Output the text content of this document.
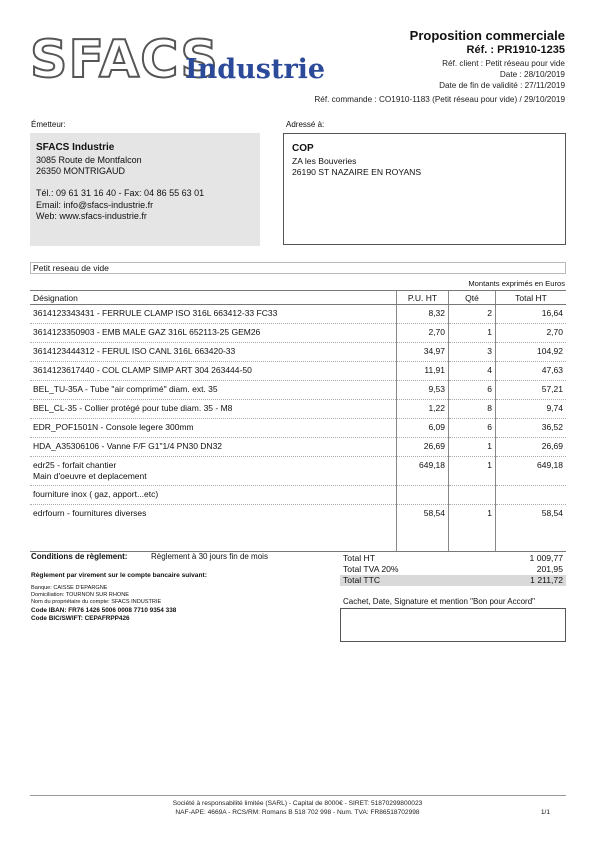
SFACS
Industrie
Proposition commerciale
Réf. : PR1910-1235
Réf. client : Petit réseau pour vide
Date : 28/10/2019
Date de fin de validité : 27/11/2019
Réf. commande : CO1910-1183 (Petit réseau pour vide) / 29/10/2019
Émetteur:
SFACS Industrie
3085 Route de Montfalcon
26350 MONTRIGAUD
Tél.: 09 61 31 16 40 - Fax: 04 86 55 63 01
Email: info@sfacs-industrie.fr
Web: www.sfacs-industrie.fr
Adressé à:
COP
ZA les Bouveries
26190 ST NAZAIRE EN ROYANS
Petit reseau de vide
Montants exprimés en Euros
Désignation	P.U. HT	Qté	Total HT
3614123343431 - FERRULE CLAMP ISO 316L 663412-33 FC33	8,32	2	16,64
3614123350903 - EMB MALE GAZ 316L 652113-25 GEM26	2,70	1	2,70
3614123444312 - FERUL ISO CANL 316L 663420-33	34,97	3	104,92
3614123617440 - COL CLAMP SIMP ART 304 263444-50	11,91	4	47,63
BEL_TU-35A - Tube "air comprimé" diam. ext. 35	9,53	6	57,21
BEL_CL-35 - Collier protégé pour tube diam. 35 - M8	1,22	8	9,74
EDR_POF1501N - Console legere 300mm	6,09	6	36,52
HDA_A35306106 - Vanne F/F G1"1/4 PN30 DN32	26,69	1	26,69
edr25 - forfait chantier
Main d'oeuvre et deplacement	649,18	1	649,18
fourniture inox ( gaz, apport...etc)			
edrfourn - fournitures diverses	58,54	1	58,54
Conditions de règlement:	Règlement à 30 jours fin de mois
Règlement par virement sur le compte bancaire suivant:
Banque: CAISSE D'EPARGNE
Domiciliation: TOURNON SUR RHONE
Nom du propriétaire du compte: SFACS INDUSTRIE
Code IBAN: FR76 1426 5006 0008 7710 9354 338
Code BIC/SWIFT: CEPAFRPP426
Total HT	1 009,77
Total TVA 20%	201,95
Total TTC	1 211,72
Cachet, Date, Signature et mention "Bon pour Accord"
Société à responsabilité limitée (SARL) - Capital de 8000€ - SIRET: 51870299800023
NAF-APE: 4669A - RCS/RM: Romans B 518 702 998 - Num. TVA: FR86518702998	1/1
